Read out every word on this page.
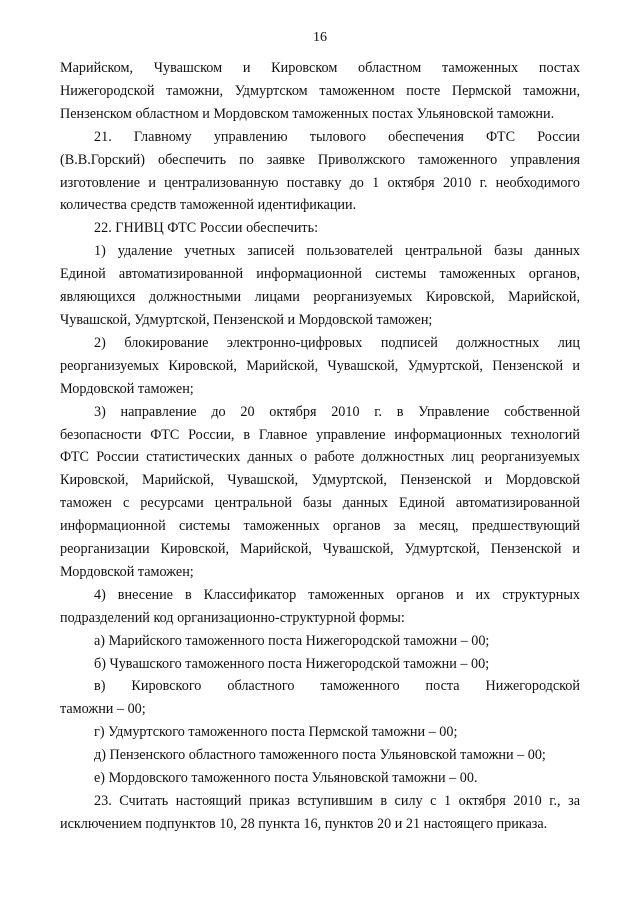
16
Марийском, Чувашском и Кировском областном таможенных постах
Нижегородской таможни, Удмуртском таможенном посте Пермской таможни,
Пензенском областном и Мордовском таможенных постах Ульяновской таможни.
21. Главному управлению тылового обеспечения ФТС России
(В.В.Горский) обеспечить по заявке Приволжского таможенного управления
изготовление и централизованную поставку до 1 октября 2010 г. необходимого
количества средств таможенной идентификации.
22. ГНИВЦ ФТС России обеспечить:
1) удаление учетных записей пользователей центральной базы данных
Единой автоматизированной информационной системы таможенных органов,
являющихся должностными лицами реорганизуемых Кировской, Марийской,
Чувашской, Удмуртской, Пензенской и Мордовской таможен;
2) блокирование электронно-цифровых подписей должностных лиц
реорганизуемых Кировской, Марийской, Чувашской, Удмуртской, Пензенской и
Мордовской таможен;
3) направление до 20 октября 2010 г. в Управление собственной
безопасности ФТС России, в Главное управление информационных технологий
ФТС России статистических данных о работе должностных лиц реорганизуемых
Кировской, Марийской, Чувашской, Удмуртской, Пензенской и Мордовской
таможен с ресурсами центральной базы данных Единой автоматизированной
информационной системы таможенных органов за месяц, предшествующий
реорганизации Кировской, Марийской, Чувашской, Удмуртской, Пензенской и
Мордовской таможен;
4) внесение в Классификатор таможенных органов и их структурных
подразделений код организационно-структурной формы:
а) Марийского таможенного поста Нижегородской таможни – 00;
б) Чувашского таможенного поста Нижегородской таможни – 00;
в) Кировского областного таможенного поста Нижегородской
таможни – 00;
г) Удмуртского таможенного поста Пермской таможни – 00;
д) Пензенского областного таможенного поста Ульяновской таможни – 00;
е) Мордовского таможенного поста Ульяновской таможни – 00.
23. Считать настоящий приказ вступившим в силу с 1 октября 2010 г., за
исключением подпунктов 10, 28 пункта 16, пунктов 20 и 21 настоящего приказа.
